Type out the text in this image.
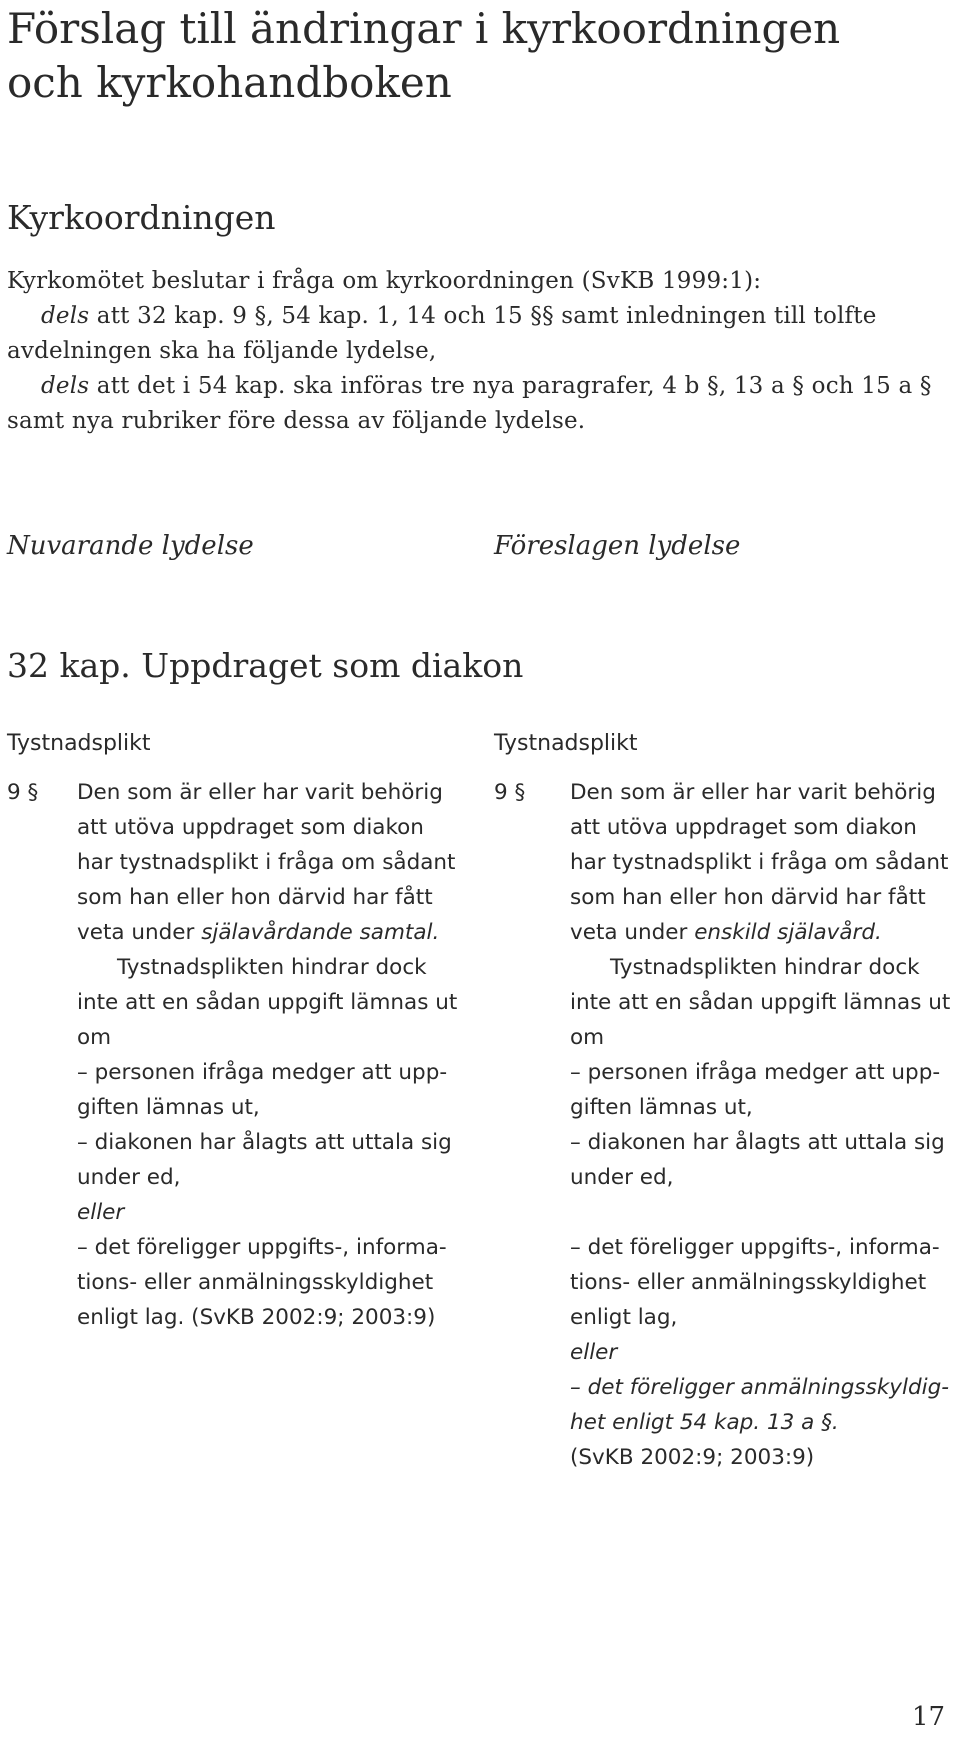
Förslag till ändringar i kyrkoordningen
och kyrkohandboken
Kyrkoordningen
Kyrkomötet beslutar i fråga om kyrkoordningen (SvKB 1999:1):
dels att 32 kap. 9 §, 54 kap. 1, 14 och 15 §§ samt inledningen till tolfte
avdelningen ska ha följande lydelse,
dels att det i 54 kap. ska införas tre nya paragrafer, 4 b §, 13 a § och 15 a §
samt nya rubriker före dessa av följande lydelse.
Nuvarande lydelse	Föreslagen lydelse
32 kap. Uppdraget som diakon
Tystnadsplikt
9 § Den som är eller har varit behörig
att utöva uppdraget som diakon
har tystnadsplikt i fråga om sådant
som han eller hon därvid har fått
veta under själavårdande samtal.
Tystnadsplikten hindrar dock
inte att en sådan uppgift lämnas ut
om
– personen ifråga medger att upp-
giften lämnas ut,
– diakonen har ålagts att uttala sig
under ed,
eller
– det föreligger uppgifts-, informa-
tions- eller anmälningsskyldighet
enligt lag. (SvKB 2002:9; 2003:9)
Tystnadsplikt
9 § Den som är eller har varit behörig
att utöva uppdraget som diakon
har tystnadsplikt i fråga om sådant
som han eller hon därvid har fått
veta under enskild själavård.
Tystnadsplikten hindrar dock
inte att en sådan uppgift lämnas ut
om
– personen ifråga medger att upp-
giften lämnas ut,
– diakonen har ålagts att uttala sig
under ed,
– det föreligger uppgifts-, informa-
tions- eller anmälningsskyldighet
enligt lag,
eller
– det föreligger anmälningsskyldig-
het enligt 54 kap. 13 a §.
(SvKB 2002:9; 2003:9)
17
